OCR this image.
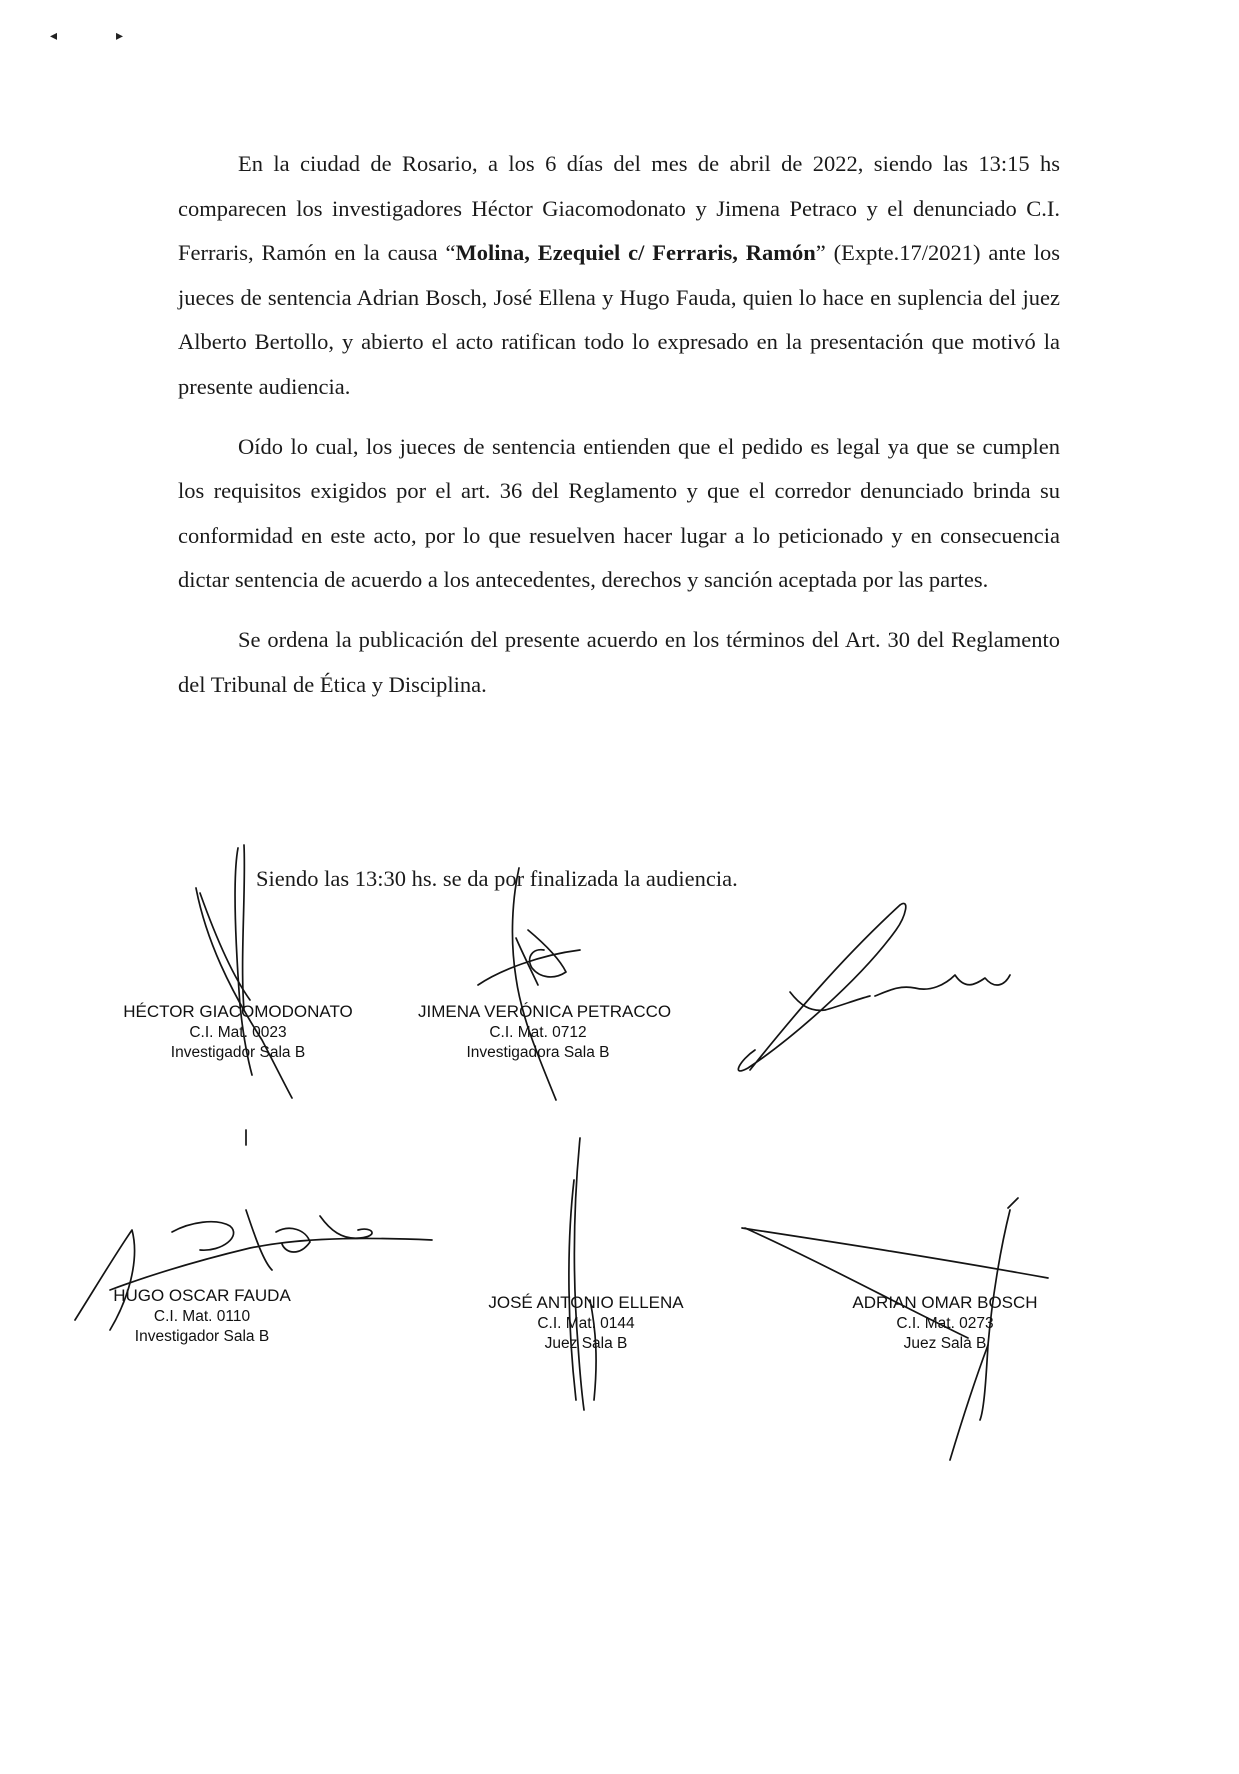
◂	▸

En la ciudad de Rosario, a los 6 días del mes de abril de 2022, siendo las 13:15 hs comparecen los investigadores Héctor Giacomodonato y Jimena Petraco y el denunciado C.I. Ferraris, Ramón en la causa “Molina, Ezequiel c/ Ferraris, Ramón” (Expte.17/2021) ante los jueces de sentencia Adrian Bosch, José Ellena y Hugo Fauda, quien lo hace en suplencia del juez Alberto Bertollo, y abierto el acto ratifican todo lo expresado en la presentación que motivó la presente audiencia.

Oído lo cual, los jueces de sentencia entienden que el pedido es legal ya que se cumplen los requisitos exigidos por el art. 36 del Reglamento y que el corredor denunciado brinda su conformidad en este acto, por lo que resuelven hacer lugar a lo peticionado y en consecuencia dictar sentencia de acuerdo a los antecedentes, derechos y sanción aceptada por las partes.

Se ordena la publicación del presente acuerdo en los términos del Art. 30 del Reglamento del Tribunal de Ética y Disciplina.

Siendo las 13:30 hs. se da por finalizada la audiencia.
HÉCTOR GIACOMODONATO
C.I. Mat. 0023
Investigador Sala B
JIMENA VERÓNICA PETRACCO
C.I. Mat. 0712
Investigadora Sala B
HUGO OSCAR FAUDA
C.I. Mat. 0110
Investigador Sala B
JOSÉ ANTONIO ELLENA
C.I. Mat. 0144
Juez Sala B
ADRIAN OMAR BOSCH
C.I. Mat. 0273
Juez Sala B
